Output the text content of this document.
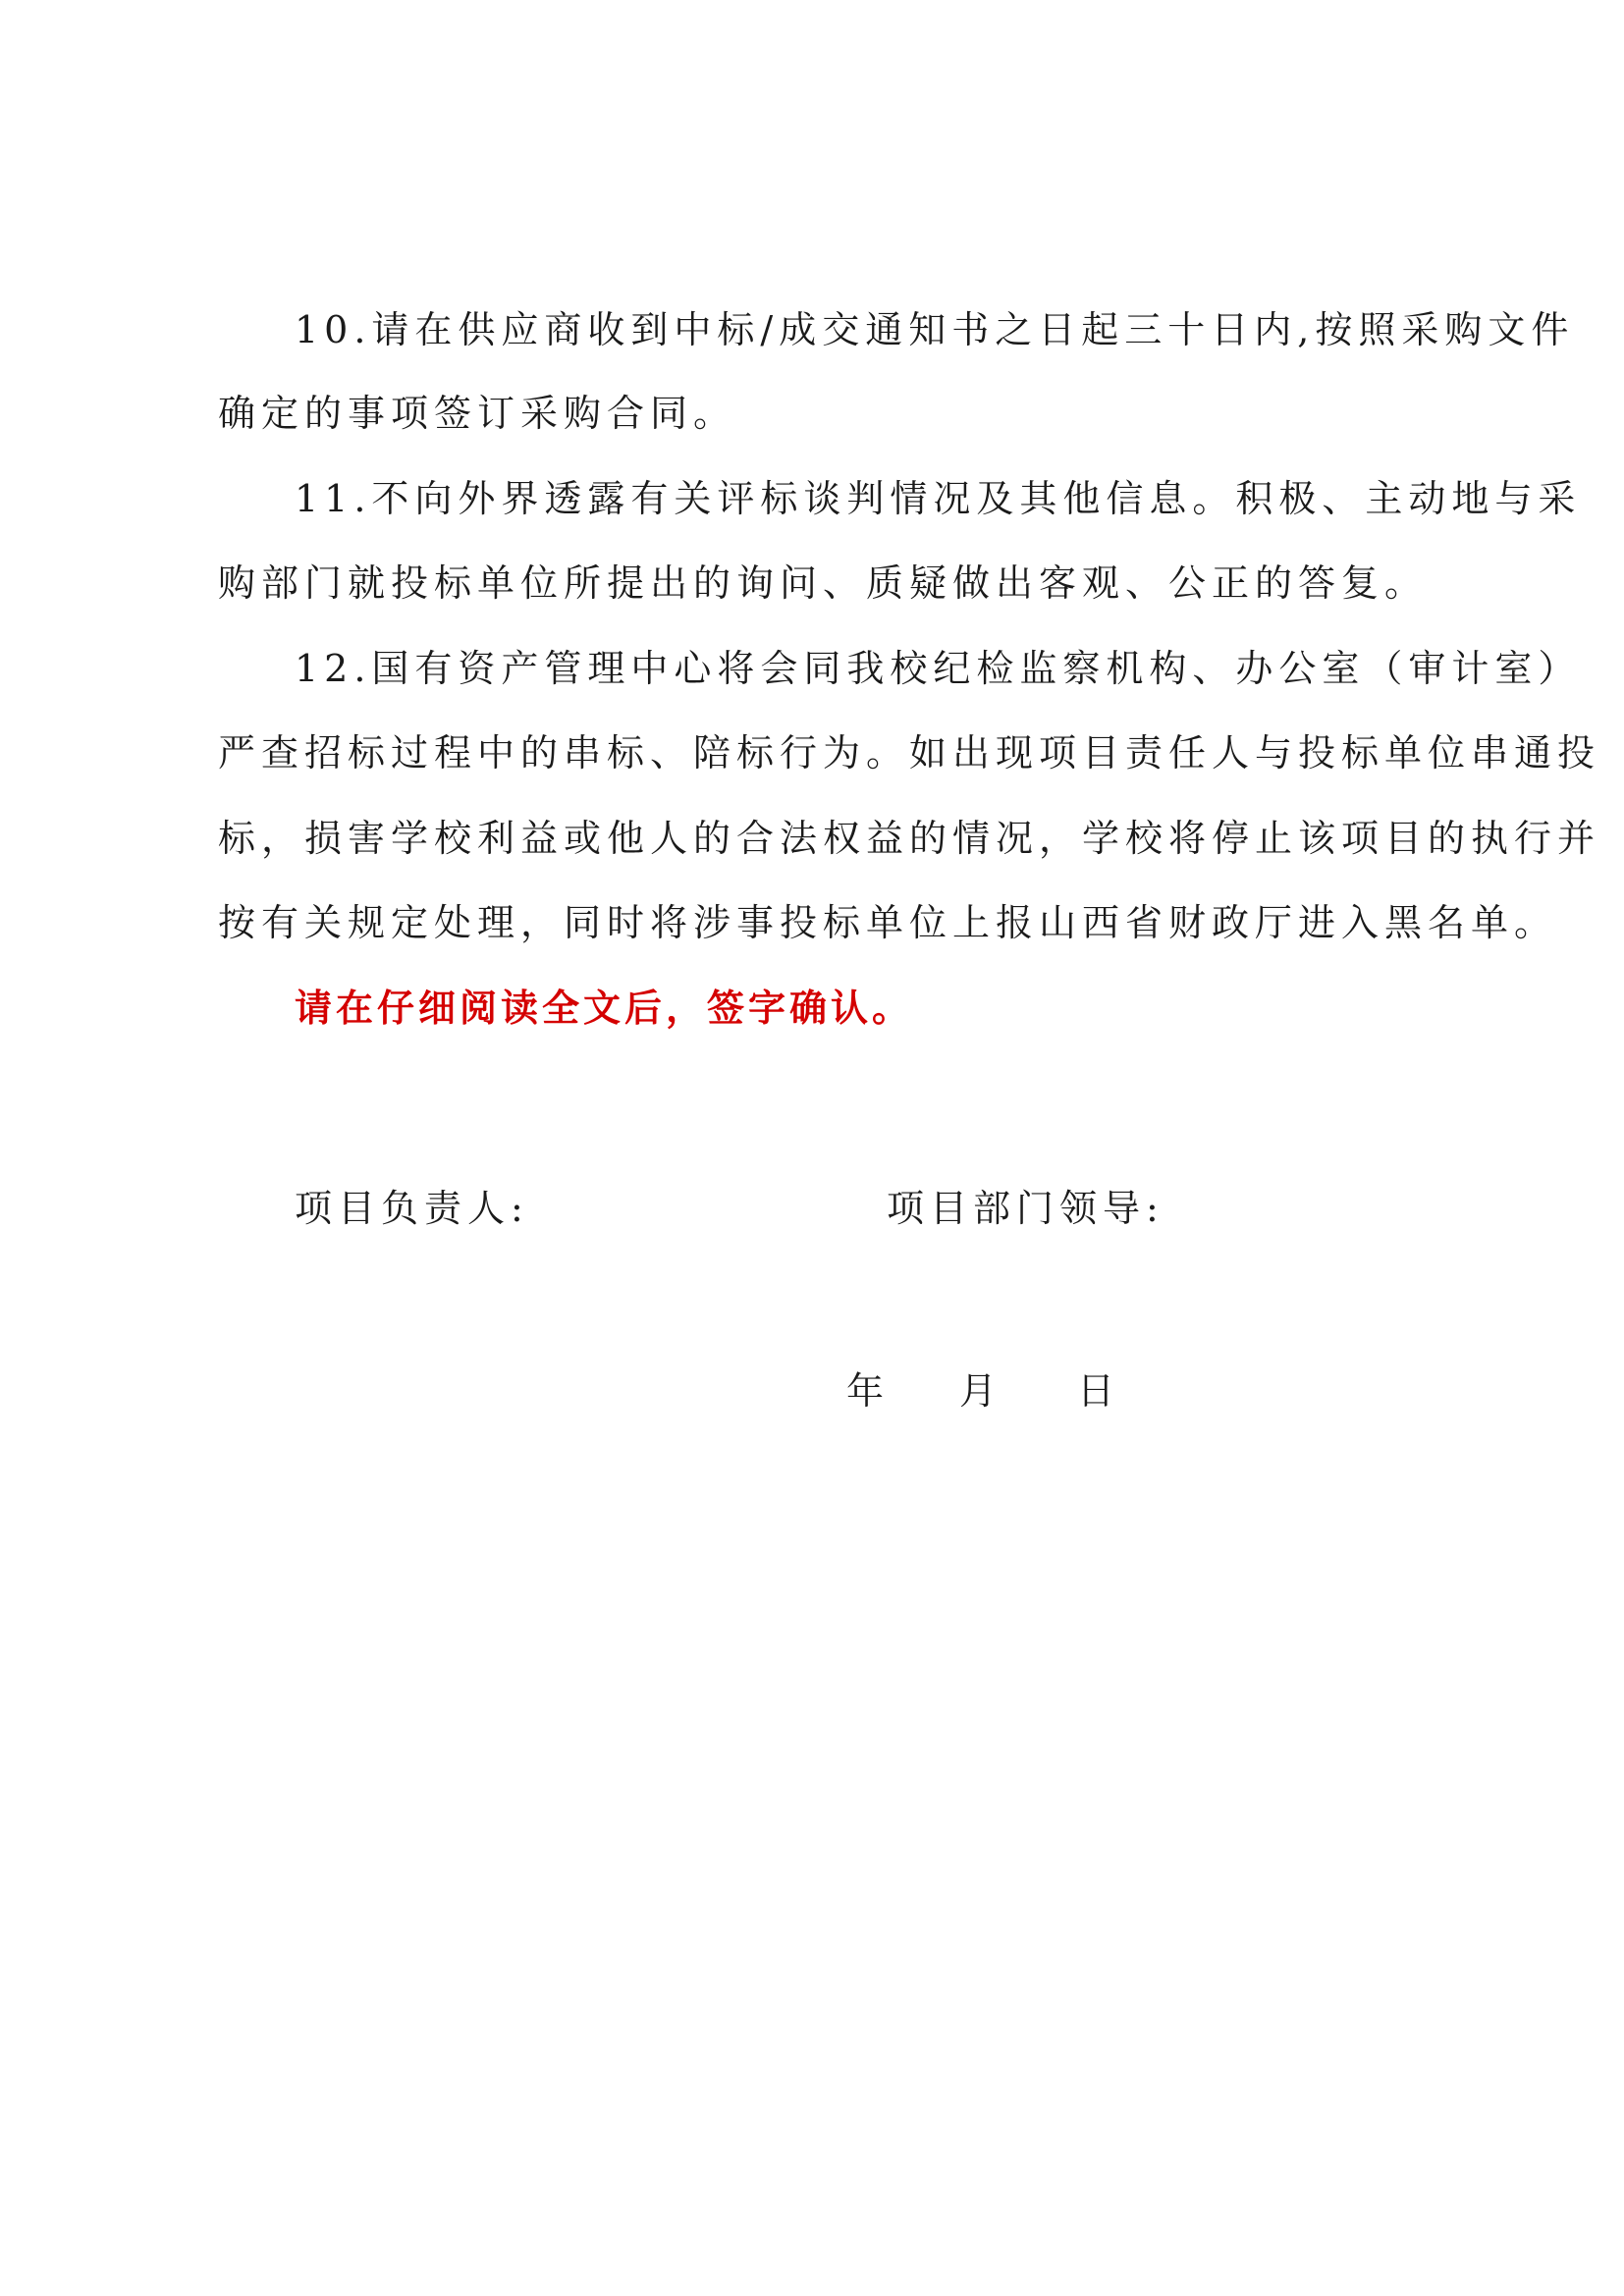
10.请在供应商收到中标/成交通知书之日起三十日内,按照采购文件
确定的事项签订采购合同。
11.不向外界透露有关评标谈判情况及其他信息。积极、主动地与采
购部门就投标单位所提出的询问、质疑做出客观、公正的答复。
12.国有资产管理中心将会同我校纪检监察机构、办公室（审计室）
严查招标过程中的串标、陪标行为。如出现项目责任人与投标单位串通投
标，损害学校利益或他人的合法权益的情况，学校将停止该项目的执行并
按有关规定处理，同时将涉事投标单位上报山西省财政厅进入黑名单。
请在仔细阅读全文后，签字确认。
项目负责人:	项目部门领导:
年 月 日
